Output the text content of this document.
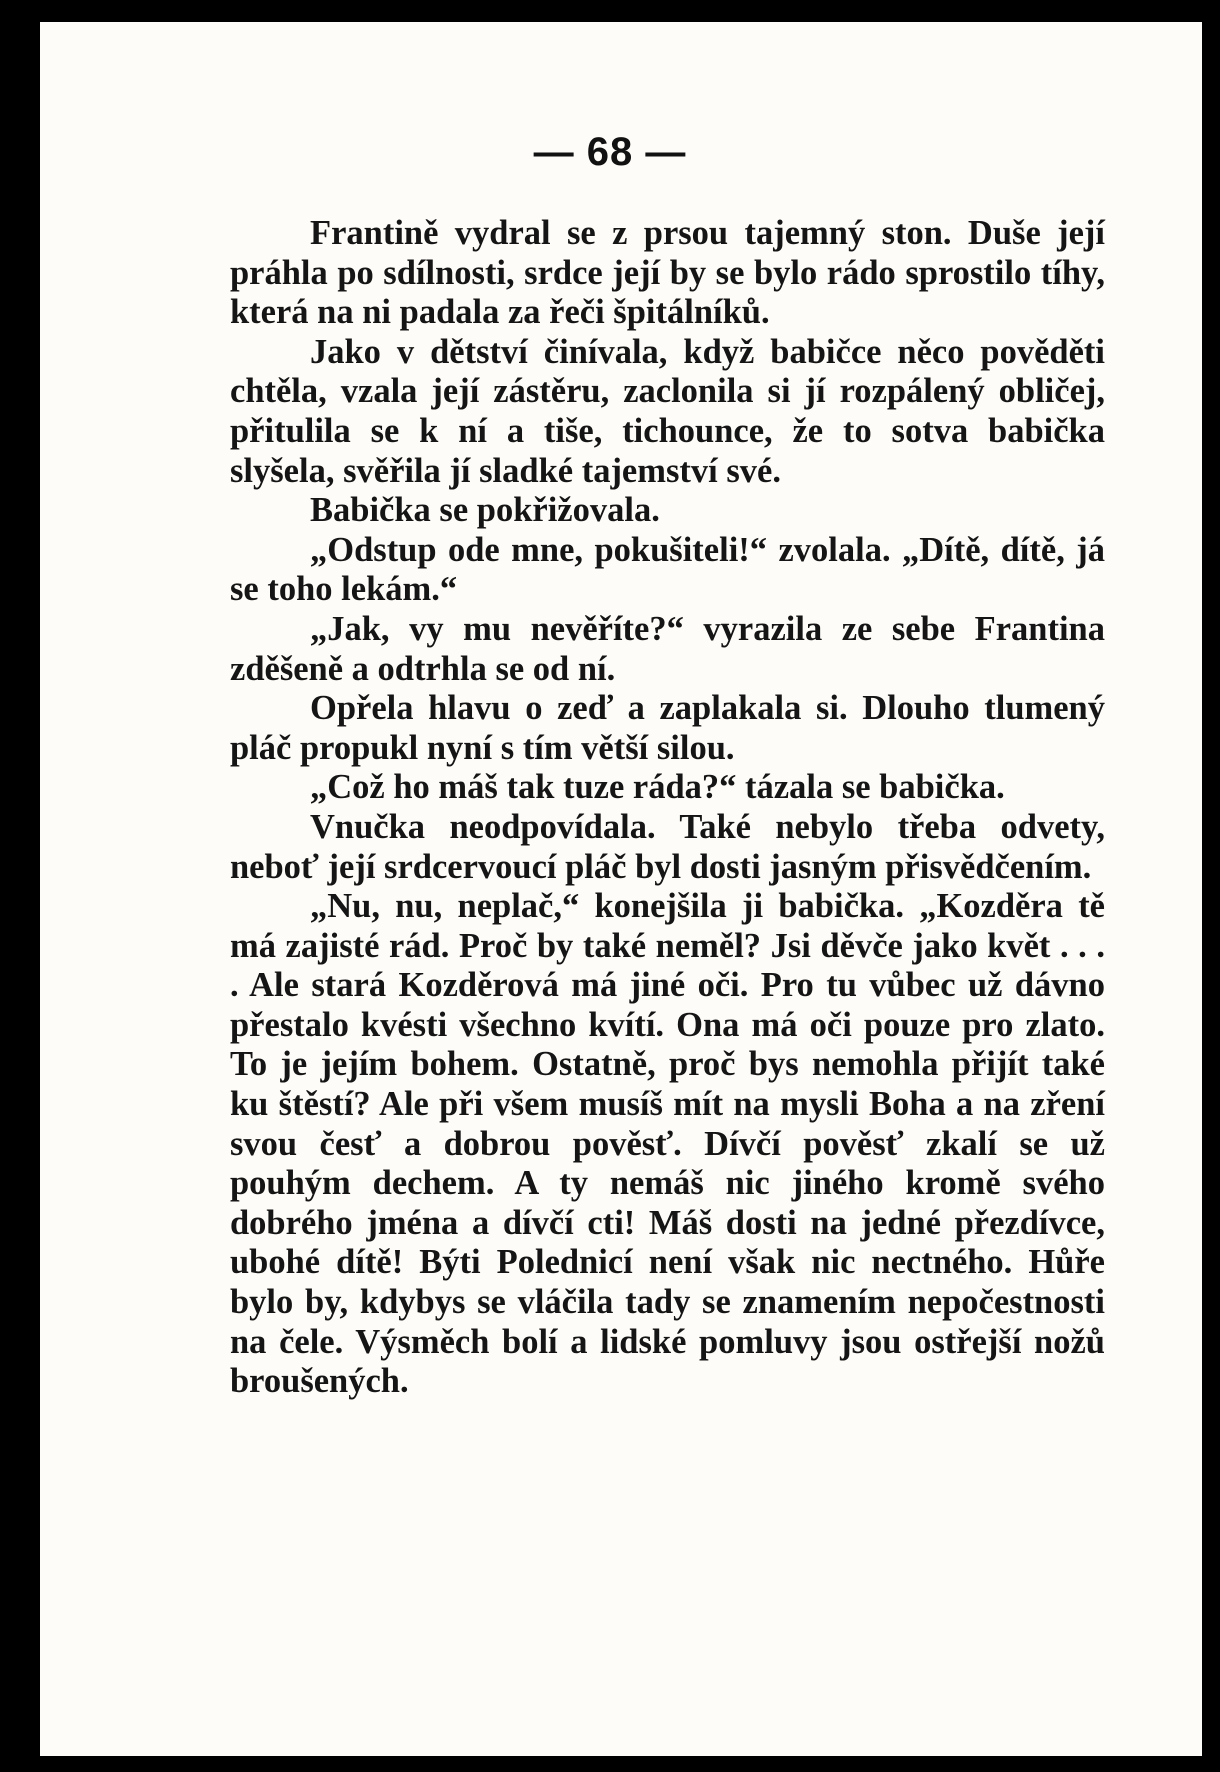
— 68 —

Frantině vydral se z prsou tajemný ston. Duše její práhla po sdílnosti, srdce její by se bylo rádo sprostilo tíhy, která na ni padala za řeči špitálníků.

Jako v dětství činívala, když babičce něco pověděti chtěla, vzala její zástěru, zaclonila si jí rozpálený obličej, přitulila se k ní a tiše, tichounce, že to sotva babička slyšela, svěřila jí sladké tajemství své.

Babička se pokřižovala.

„Odstup ode mne, pokušiteli!“ zvolala. „Dítě, dítě, já se toho lekám.“

„Jak, vy mu nevěříte?“ vyrazila ze sebe Frantina zděšeně a odtrhla se od ní.

Opřela hlavu o zeď a zaplakala si. Dlouho tlumený pláč propukl nyní s tím větší silou.

„Což ho máš tak tuze ráda?“ tázala se babička.

Vnučka neodpovídala. Také nebylo třeba odvety, neboť její srdcervoucí pláč byl dosti jasným přisvědčením.

„Nu, nu, neplač,“ konejšila ji babička. „Kozděra tě má zajisté rád. Proč by také neměl? Jsi děvče jako květ . . . . Ale stará Kozděrová má jiné oči. Pro tu vůbec už dávno přestalo kvésti všechno kvítí. Ona má oči pouze pro zlato. To je jejím bohem. Ostatně, proč bys nemohla přijít také ku štěstí? Ale při všem musíš mít na mysli Boha a na zření svou česť a dobrou pověsť. Dívčí pověsť zkalí se už pouhým dechem. A ty nemáš nic jiného kromě svého dobrého jména a dívčí cti! Máš dosti na jedné přezdívce, ubohé dítě! Býti Polednicí není však nic nectného. Hůře bylo by, kdybys se vláčila tady se znamením nepočestnosti na čele. Výsměch bolí a lidské pomluvy jsou ostřejší nožů broušených.
